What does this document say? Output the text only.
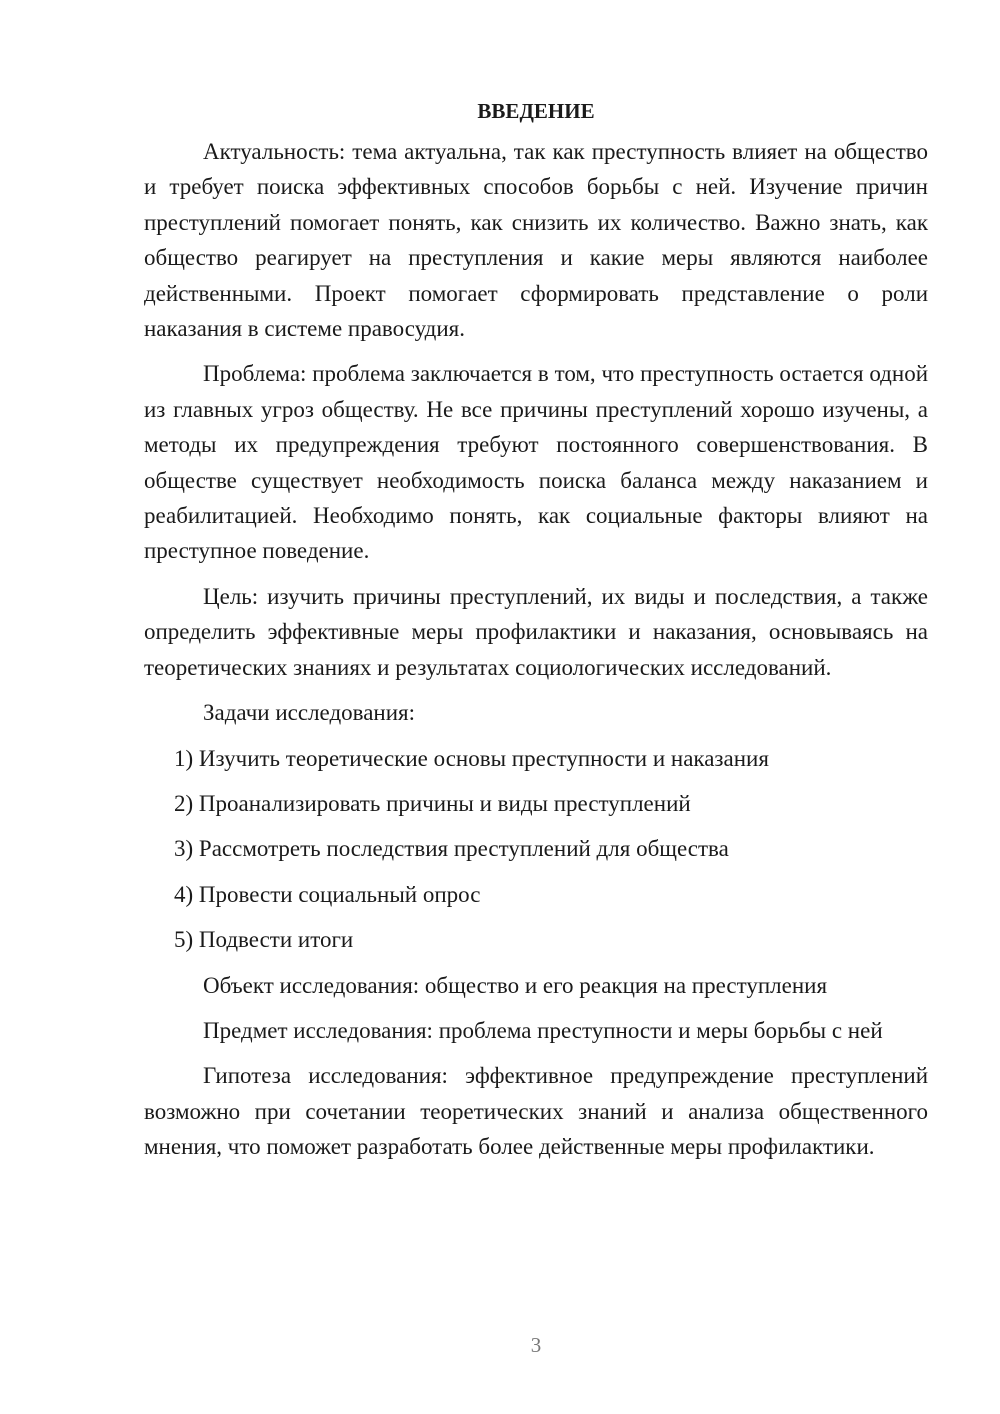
ВВЕДЕНИЕ

Актуальность: тема актуальна, так как преступность влияет на общество и требует поиска эффективных способов борьбы с ней. Изучение причин преступлений помогает понять, как снизить их количество. Важно знать, как общество реагирует на преступления и какие меры являются наиболее действенными. Проект помогает сформировать представление о роли наказания в системе правосудия.

Проблема: проблема заключается в том, что преступность остается одной из главных угроз обществу. Не все причины преступлений хорошо изучены, а методы их предупреждения требуют постоянного совершенствования. В обществе существует необходимость поиска баланса между наказанием и реабилитацией. Необходимо понять, как социальные факторы влияют на преступное поведение.

Цель: изучить причины преступлений, их виды и последствия, а также определить эффективные меры профилактики и наказания, основываясь на теоретических знаниях и результатах социологических исследований.

Задачи исследования:

1) Изучить теоретические основы преступности и наказания
2) Проанализировать причины и виды преступлений
3) Рассмотреть последствия преступлений для общества
4) Провести социальный опрос
5) Подвести итоги

Объект исследования: общество и его реакция на преступления

Предмет исследования: проблема преступности и меры борьбы с ней

Гипотеза исследования: эффективное предупреждение преступлений возможно при сочетании теоретических знаний и анализа общественного мнения, что поможет разработать более действенные меры профилактики.

3
